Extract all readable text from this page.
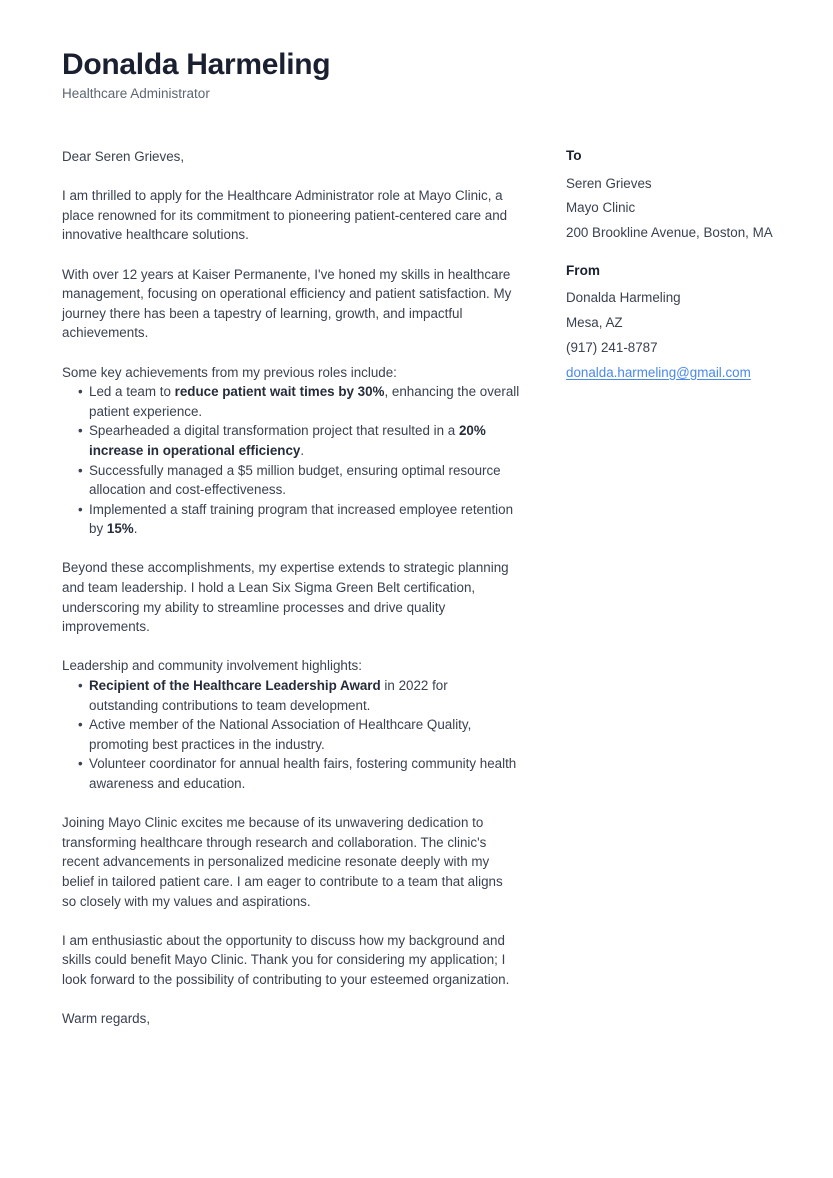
Donalda Harmeling

Healthcare Administrator

Dear Seren Grieves,

I am thrilled to apply for the Healthcare Administrator role at Mayo Clinic, a place renowned for its commitment to pioneering patient-centered care and innovative healthcare solutions.

With over 12 years at Kaiser Permanente, I've honed my skills in healthcare management, focusing on operational efficiency and patient satisfaction. My journey there has been a tapestry of learning, growth, and impactful achievements.

Some key achievements from my previous roles include:

• Led a team to reduce patient wait times by 30%, enhancing the overall patient experience.
• Spearheaded a digital transformation project that resulted in a 20% increase in operational efficiency.
• Successfully managed a $5 million budget, ensuring optimal resource allocation and cost-effectiveness.
• Implemented a staff training program that increased employee retention by 15%.

Beyond these accomplishments, my expertise extends to strategic planning and team leadership. I hold a Lean Six Sigma Green Belt certification, underscoring my ability to streamline processes and drive quality improvements.

Leadership and community involvement highlights:

• Recipient of the Healthcare Leadership Award in 2022 for outstanding contributions to team development.
• Active member of the National Association of Healthcare Quality, promoting best practices in the industry.
• Volunteer coordinator for annual health fairs, fostering community health awareness and education.

Joining Mayo Clinic excites me because of its unwavering dedication to transforming healthcare through research and collaboration. The clinic's recent advancements in personalized medicine resonate deeply with my belief in tailored patient care. I am eager to contribute to a team that aligns so closely with my values and aspirations.

I am enthusiastic about the opportunity to discuss how my background and skills could benefit Mayo Clinic. Thank you for considering my application; I look forward to the possibility of contributing to your esteemed organization.

Warm regards,

To

Seren Grieves

Mayo Clinic

200 Brookline Avenue, Boston, MA

From

Donalda Harmeling

Mesa, AZ

(917) 241-8787

donalda.harmeling@gmail.com
